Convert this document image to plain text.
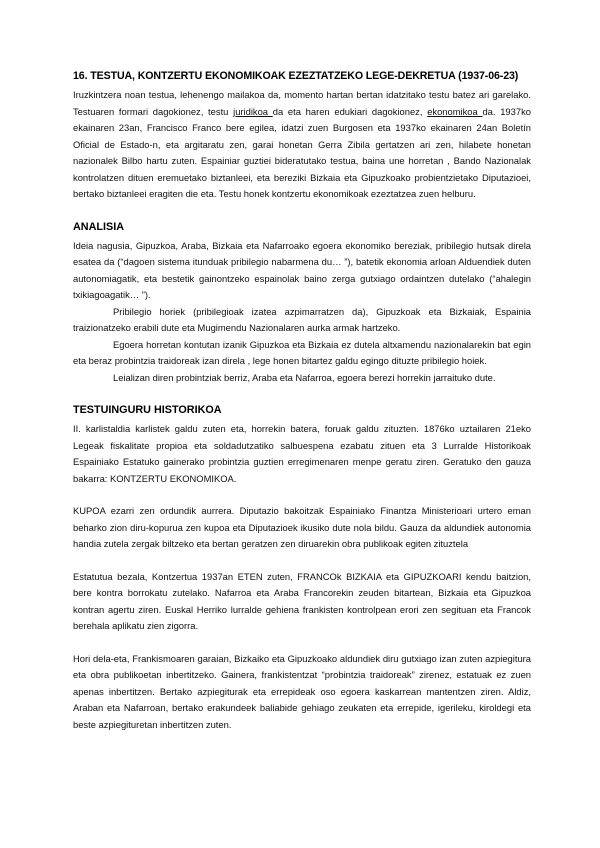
16. TESTUA, KONTZERTU EKONOMIKOAK EZEZTATZEKO LEGE-DEKRETUA (1937-06-23)

Iruzkintzera noan testua, lehenengo mailakoa da, momento hartan bertan idatzitako testu batez ari garelako. Testuaren formari dagokionez, testu juridikoa da eta haren edukiari dagokionez, ekonomikoa da. 1937ko ekainaren 23an, Francisco Franco bere egilea, idatzi zuen Burgosen eta 1937ko ekainaren 24an Boletín Oficial de Estado-n, eta argitaratu zen, garai honetan Gerra Zibila gertatzen ari zen, hilabete honetan nazionalek Bilbo hartu zuten. Espainiar guztiei bideratutako testua, baina une horretan , Bando Nazionalak kontrolatzen dituen eremuetako biztanleei, eta bereziki Bizkaia eta Gipuzkoako probientzietako Diputazioei, bertako biztanleei eragiten die eta. Testu honek kontzertu ekonomikoak ezeztatzea zuen helburu.

ANALISIA

Ideia nagusia, Gipuzkoa, Araba, Bizkaia eta Nafarroako egoera ekonomiko bereziak, pribilegio hutsak direla esatea da (“dagoen sistema itunduak pribilegio nabarmena du… ”), batetik ekonomia arloan Alduendiek duten autonomiagatik, eta bestetik gainontzeko espainolak baino zerga gutxiago ordaintzen dutelako (“ahalegin txikiagoagatik… ”).

Pribilegio horiek (pribilegioak izatea azpimarratzen da), Gipuzkoak eta Bizkaiak, Espainia traizionatzeko erabili dute eta Mugimendu Nazionalaren aurka armak hartzeko.

Egoera horretan kontutan izanik Gipuzkoa eta Bizkaia ez dutela altxamendu nazionalarekin bat egin eta beraz probintzia traidoreak izan direla , lege honen bitartez galdu egingo dituzte pribilegio hoiek.

Leializan diren probintziak berriz, Araba eta Nafarroa, egoera berezi horrekin jarraituko dute.

TESTUINGURU HISTORIKOA

II. karlistaldia karlistek galdu zuten eta, horrekin batera, foruak galdu zituzten. 1876ko uztailaren 21eko Legeak fiskalitate propioa eta soldadutzatiko salbuespena ezabatu zituen eta 3 Lurralde Historikoak Espainiako Estatuko gainerako probintzia guztien erregimenaren menpe geratu ziren. Geratuko den gauza bakarra: KONTZERTU EKONOMIKOA.

KUPOA ezarri zen ordundik aurrera. Diputazio bakoitzak Espainiako Finantza Ministerioari urtero eman beharko zion diru-kopurua zen kupoa eta Diputazioek ikusiko dute nola bildu. Gauza da aldundiek autonomia handia zutela zergak biltzeko eta bertan geratzen zen diruarekin obra publikoak egiten zituztela

Estatutua bezala, Kontzertua 1937an ETEN zuten, FRANCOk BIZKAIA eta GIPUZKOARI kendu baitzion, bere kontra borrokatu zutelako. Nafarroa eta Araba Francorekin zeuden bitartean, Bizkaia eta Gipuzkoa kontran agertu ziren. Euskal Herriko lurralde gehiena frankisten kontrolpean erori zen segituan eta Francok berehala aplikatu zien zigorra.

Hori dela-eta, Frankismoaren garaian, Bizkaiko eta Gipuzkoako aldundiek diru gutxiago izan zuten azpiegitura eta obra publikoetan inbertitzeko. Gainera, frankistentzat “probintzia traidoreak” zirenez, estatuak ez zuen apenas inbertitzen. Bertako azpiegiturak eta errepideak oso egoera kaskarrean mantentzen ziren. Aldiz, Araban eta Nafarroan, bertako erakundeek baliabide gehiago zeukaten eta errepide, igerileku, kiroldegi eta beste azpiegituretan inbertitzen zuten.
